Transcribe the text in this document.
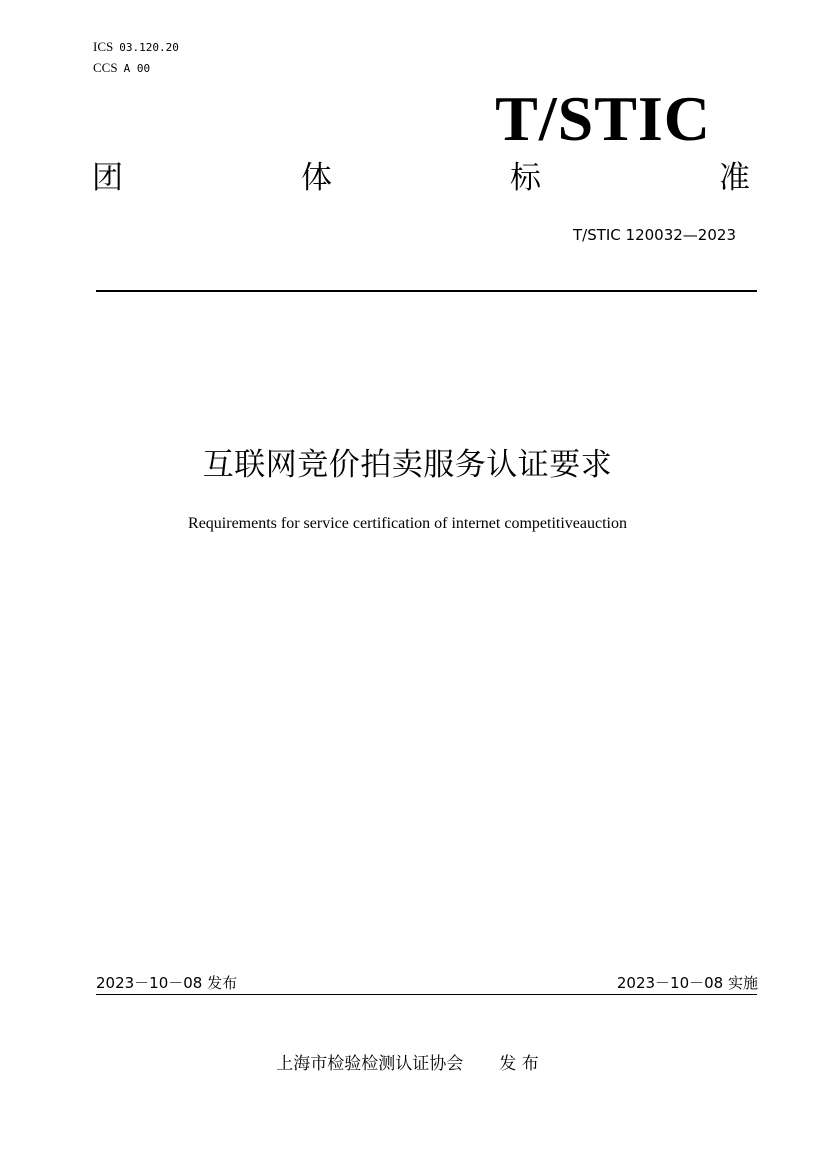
ICS 03.120.20
CCS A 00
T/STIC
团	体	标	准
T/STIC 120032—2023
互联网竞价拍卖服务认证要求
Requirements for service certification of internet competitiveauction
2023－10－08 发布	2023－10－08 实施
上海市检验检测认证协会 发 布
